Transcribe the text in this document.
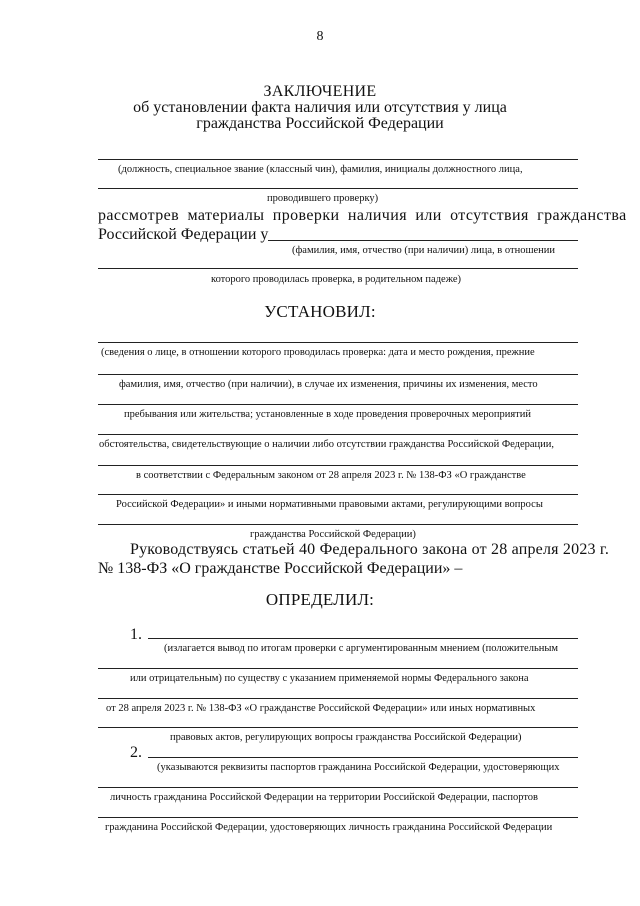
8
ЗАКЛЮЧЕНИЕ
об установлении факта наличия или отсутствия у лица
гражданства Российской Федерации
(должность, специальное звание (классный чин), фамилия, инициалы должностного лица,
проводившего проверку)
рассмотрев материалы проверки наличия или отсутствия гражданства
Российской Федерации у
(фамилия, имя, отчество (при наличии) лица, в отношении
которого проводилась проверка, в родительном падеже)
УСТАНОВИЛ:
(сведения о лице, в отношении которого проводилась проверка: дата и место рождения, прежние
фамилия, имя, отчество (при наличии), в случае их изменения, причины их изменения, место
пребывания или жительства; установленные в ходе проведения проверочных мероприятий
обстоятельства, свидетельствующие о наличии либо отсутствии гражданства Российской Федерации,
в соответствии с Федеральным законом от 28 апреля 2023 г. № 138-ФЗ «О гражданстве
Российской Федерации» и иными нормативными правовыми актами, регулирующими вопросы
гражданства Российской Федерации)
Руководствуясь статьей 40 Федерального закона от 28 апреля 2023 г.
№ 138-ФЗ «О гражданстве Российской Федерации» –
ОПРЕДЕЛИЛ:
1.
(излагается вывод по итогам проверки с аргументированным мнением (положительным
или отрицательным) по существу с указанием применяемой нормы Федерального закона
от 28 апреля 2023 г. № 138-ФЗ «О гражданстве Российской Федерации» или иных нормативных
правовых актов, регулирующих вопросы гражданства Российской Федерации)
2.
(указываются реквизиты паспортов гражданина Российской Федерации, удостоверяющих
личность гражданина Российской Федерации на территории Российской Федерации, паспортов
гражданина Российской Федерации, удостоверяющих личность гражданина Российской Федерации
